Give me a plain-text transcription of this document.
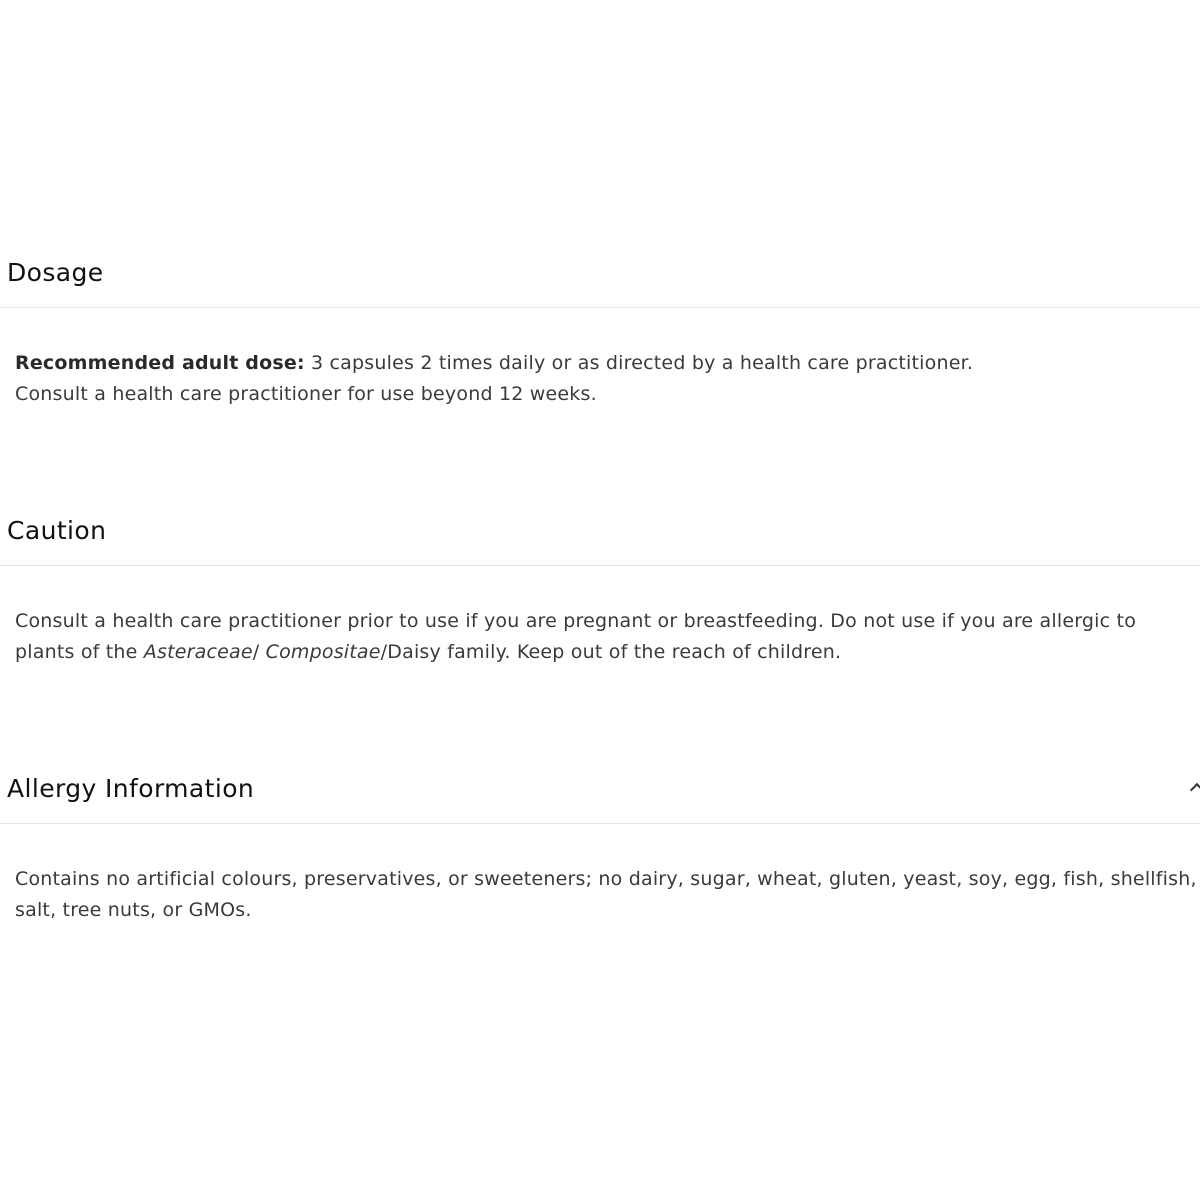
Dosage

Recommended adult dose: 3 capsules 2 times daily or as directed by a health care practitioner.

Consult a health care practitioner for use beyond 12 weeks.

Caution

Consult a health care practitioner prior to use if you are pregnant or breastfeeding. Do not use if you are allergic to plants of the Asteraceae/ Compositae/Daisy family. Keep out of the reach of children.

Allergy Information

Contains no artificial colours, preservatives, or sweeteners; no dairy, sugar, wheat, gluten, yeast, soy, egg, fish, shellfish, salt, tree nuts, or GMOs.
